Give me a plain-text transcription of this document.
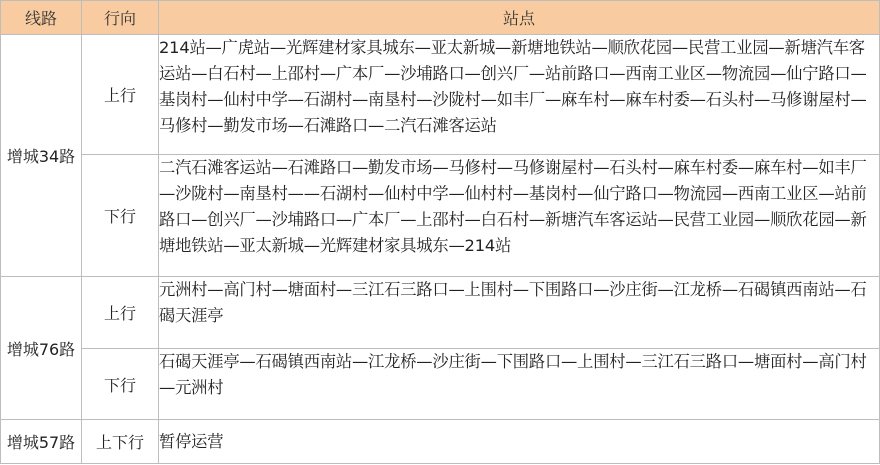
线路	行向	站点
增城34路	上行	214站—广虎站—光辉建材家具城东—亚太新城—新塘地铁站—顺欣花园—民营工业园—新塘汽车客运站—白石村—上邵村—广本厂—沙埔路口—创兴厂—站前路口—西南工业区—物流园—仙宁路口—基岗村—仙村中学—石湖村—南垦村—沙陇村—如丰厂—麻车村—麻车村委—石头村—马修谢屋村—马修村—勤发市场—石滩路口—二汽石滩客运站
	下行	二汽石滩客运站—石滩路口—勤发市场—马修村—马修谢屋村—石头村—麻车村委—麻车村—如丰厂—沙陇村—南垦村——石湖村—仙村中学—仙村村—基岗村—仙宁路口—物流园—西南工业区—站前路口—创兴厂—沙埔路口—广本厂—上邵村—白石村—新塘汽车客运站—民营工业园—顺欣花园—新塘地铁站—亚太新城—光辉建材家具城东—214站
增城76路	上行	元洲村—高门村—塘面村—三江石三路口—上围村—下围路口—沙庄街—江龙桥—石碣镇西南站—石碣天涯亭
	下行	石碣天涯亭—石碣镇西南站—江龙桥—沙庄街—下围路口—上围村—三江石三路口—塘面村—高门村—元洲村
增城57路	上下行	暂停运营
